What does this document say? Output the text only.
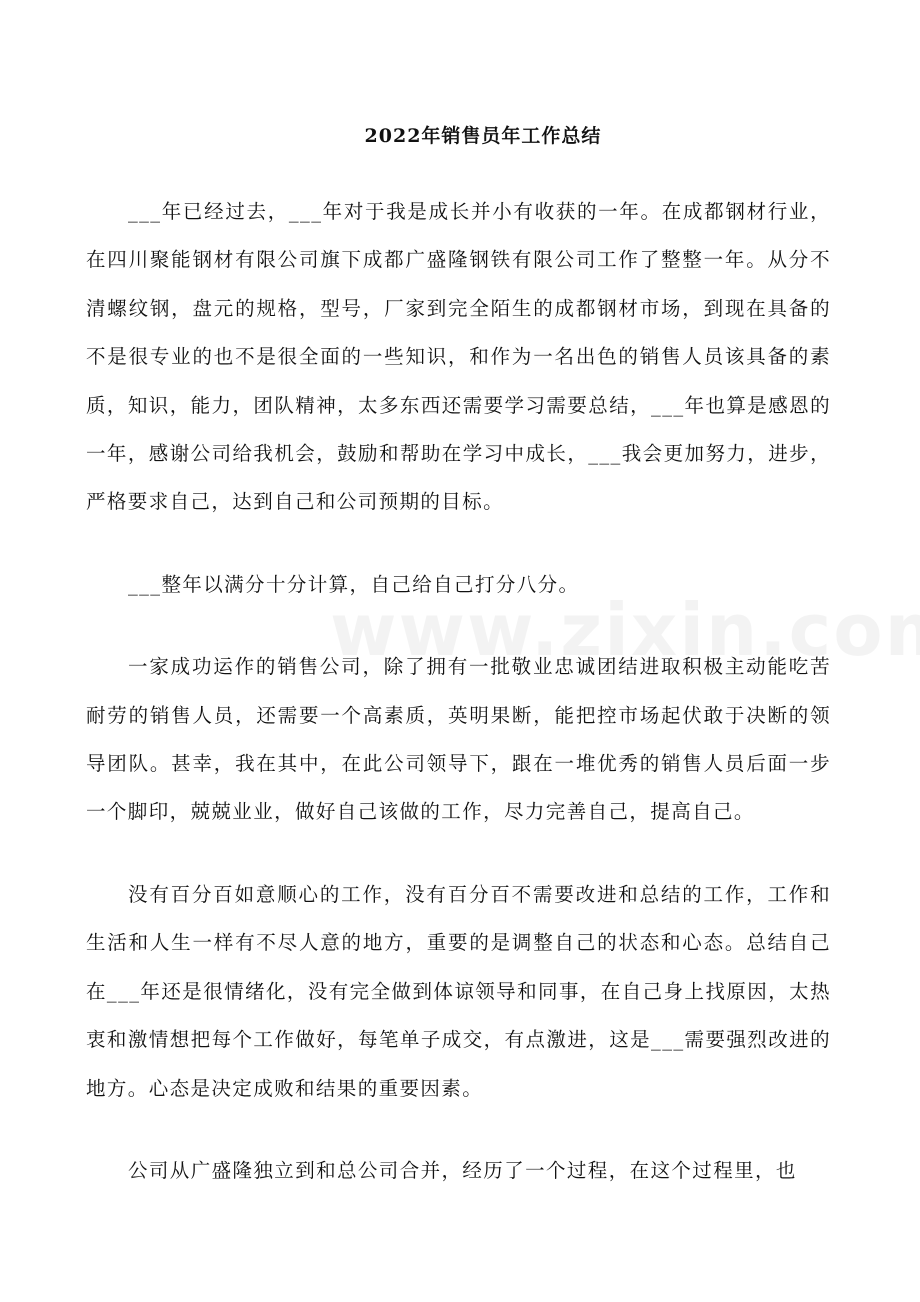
2022年销售员年工作总结

___年已经过去，___年对于我是成长并小有收获的一年。在成都钢材行业，在四川聚能钢材有限公司旗下成都广盛隆钢铁有限公司工作了整整一年。从分不清螺纹钢，盘元的规格，型号，厂家到完全陌生的成都钢材市场，到现在具备的不是很专业的也不是很全面的一些知识，和作为一名出色的销售人员该具备的素质，知识，能力，团队精神，太多东西还需要学习需要总结，___年也算是感恩的一年，感谢公司给我机会，鼓励和帮助在学习中成长，___我会更加努力，进步，严格要求自己，达到自己和公司预期的目标。

___整年以满分十分计算，自己给自己打分八分。

一家成功运作的销售公司，除了拥有一批敬业忠诚团结进取积极主动能吃苦耐劳的销售人员，还需要一个高素质，英明果断，能把控市场起伏敢于决断的领导团队。甚幸，我在其中，在此公司领导下，跟在一堆优秀的销售人员后面一步一个脚印，兢兢业业，做好自己该做的工作，尽力完善自己，提高自己。

没有百分百如意顺心的工作，没有百分百不需要改进和总结的工作，工作和生活和人生一样有不尽人意的地方，重要的是调整自己的状态和心态。总结自己在___年还是很情绪化，没有完全做到体谅领导和同事，在自己身上找原因，太热衷和激情想把每个工作做好，每笔单子成交，有点激进，这是___需要强烈改进的地方。心态是决定成败和结果的重要因素。

公司从广盛隆独立到和总公司合并，经历了一个过程，在这个过程里，也
